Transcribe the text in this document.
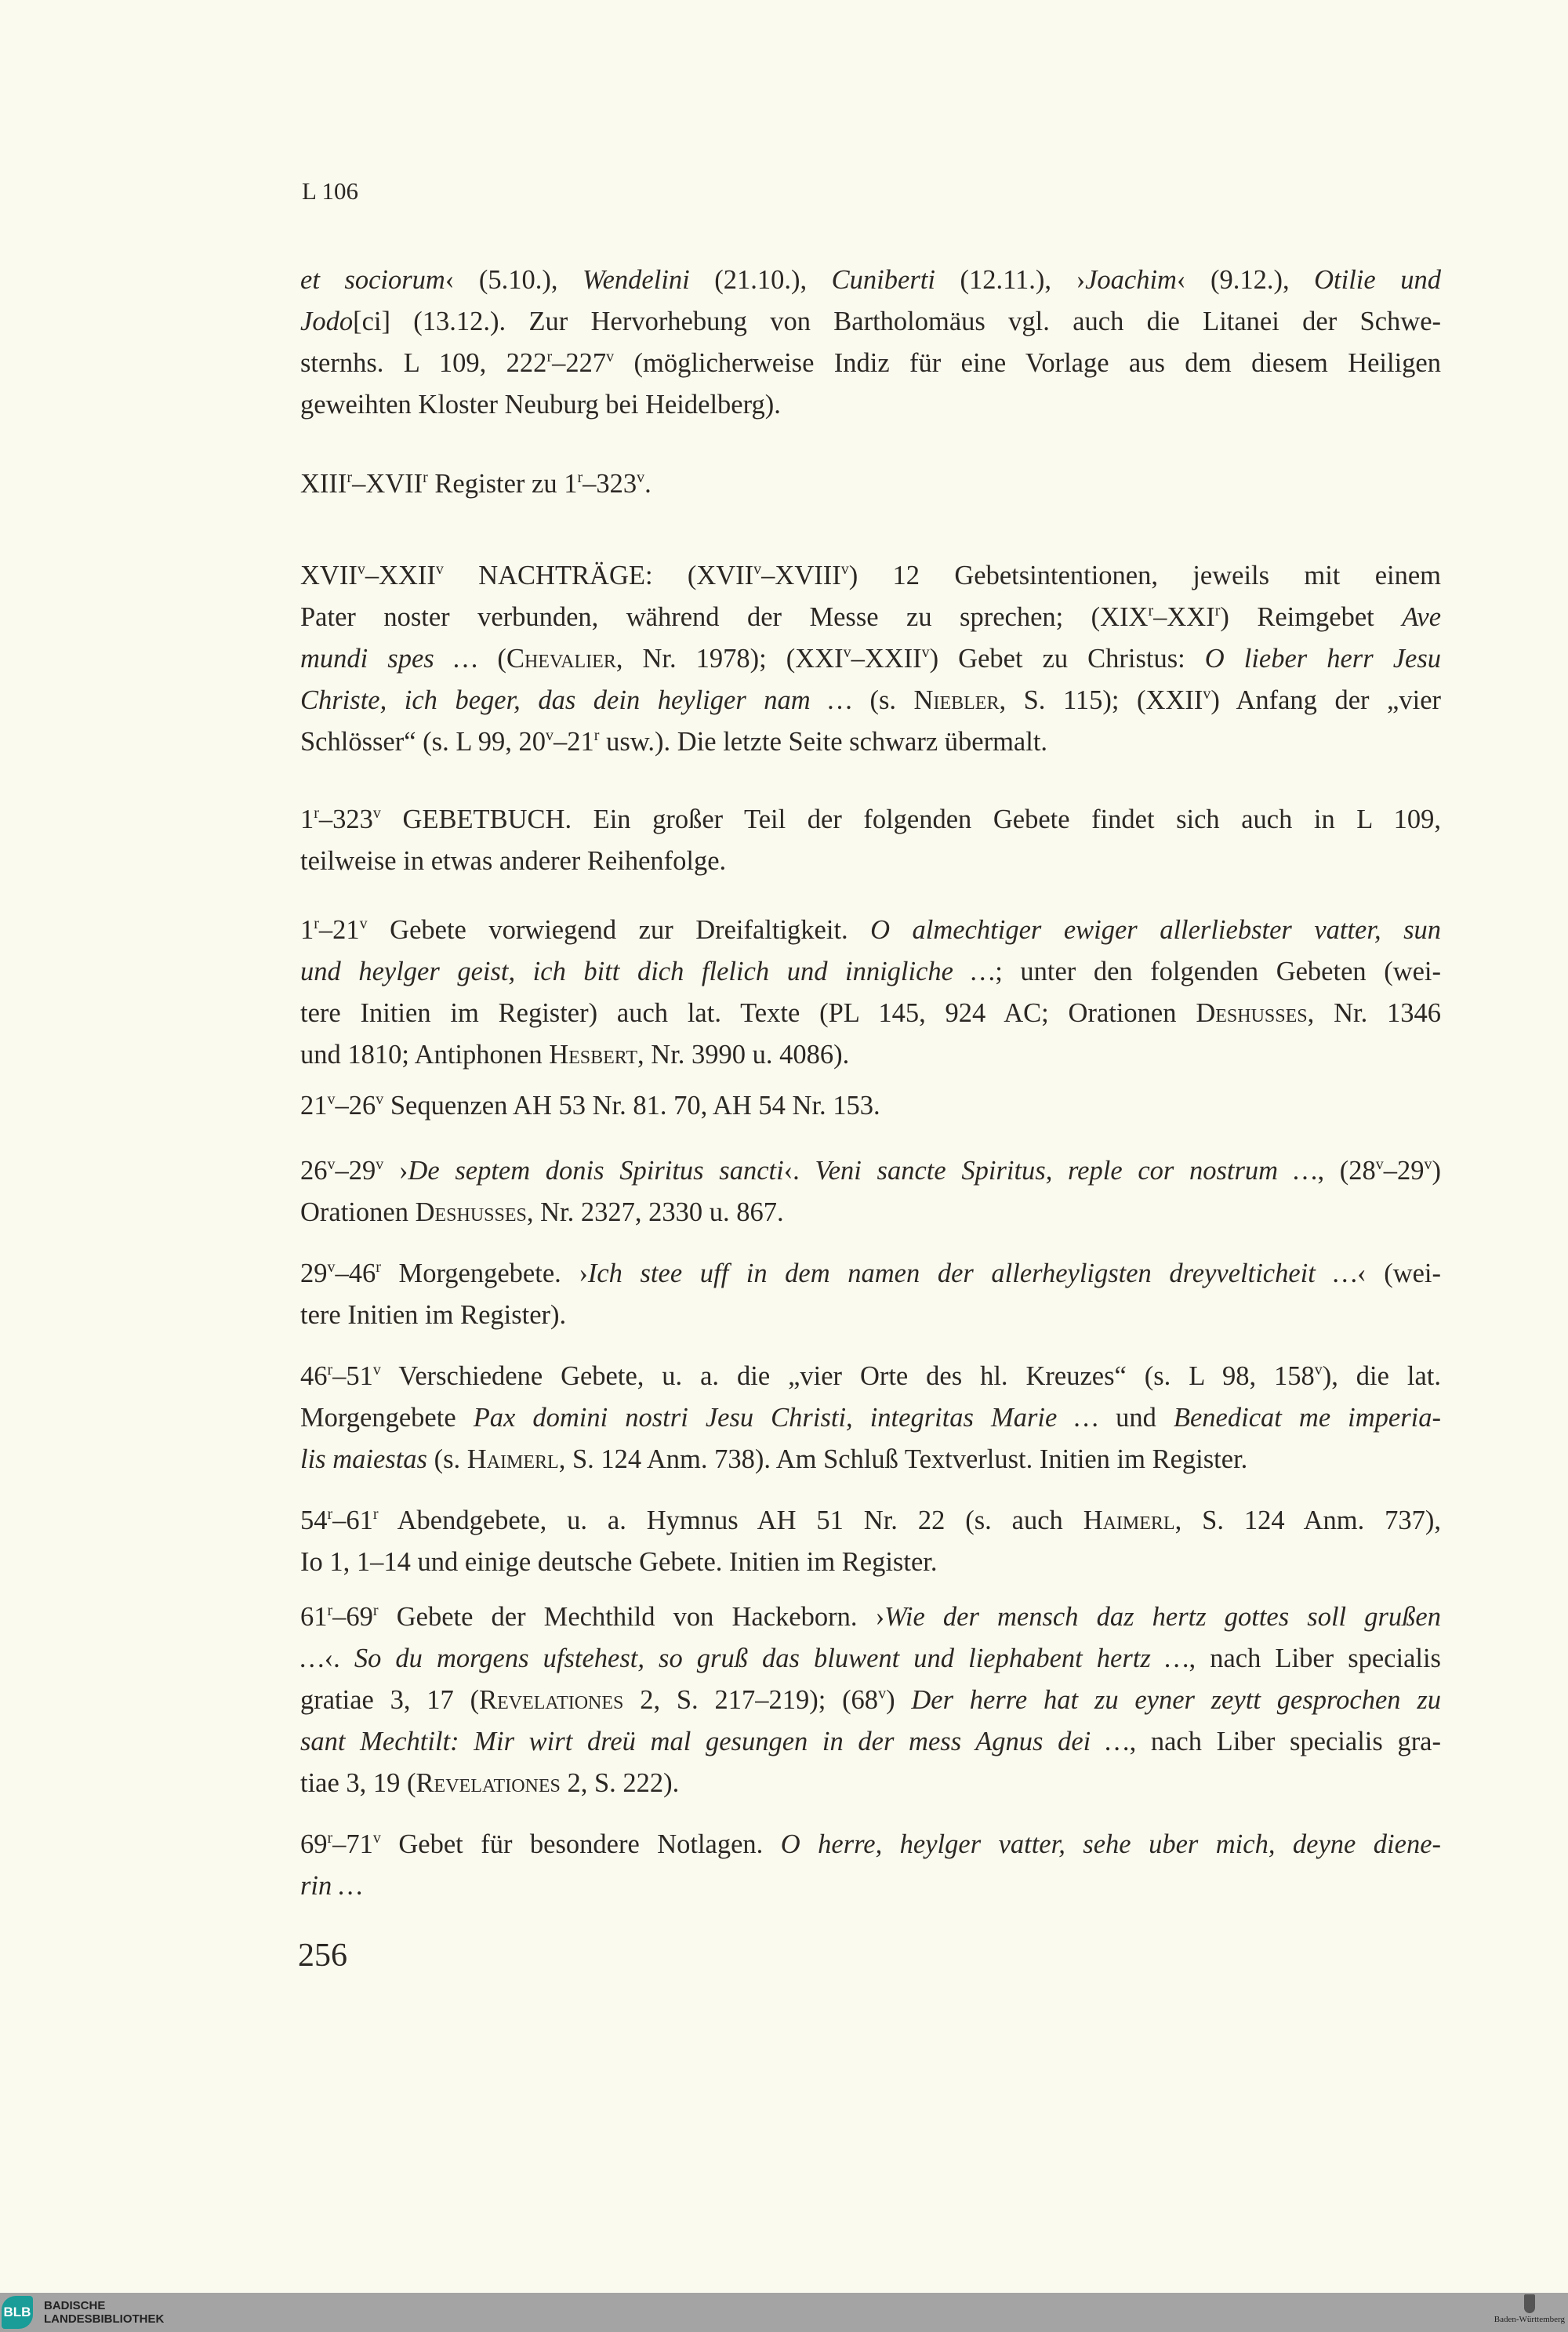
L 106
et sociorum‹ (5.10.), Wendelini (21.10.), Cuniberti (12.11.), ›Joachim‹ (9.12.), Otilie und
Jodo[ci] (13.12.). Zur Hervorhebung von Bartholomäus vgl. auch die Litanei der Schwe-
sternhs. L 109, 222$^r$–227$^v$ (möglicherweise Indiz für eine Vorlage aus dem diesem Heiligen
geweihten Kloster Neuburg bei Heidelberg).
XIII$^r$–XVII$^r$ Register zu 1$^r$–323$^v$.
XVII$^v$–XXII$^v$ NACHTRÄGE: (XVII$^v$–XVIII$^v$) 12 Gebetsintentionen, jeweils mit einem
Pater noster verbunden, während der Messe zu sprechen; (XIX$^r$–XXI$^r$) Reimgebet Ave
mundi spes … (Chevalier, Nr. 1978); (XXI$^v$–XXII$^v$) Gebet zu Christus: O lieber herr Jesu
Christe, ich beger, das dein heyliger nam … (s. Niebler, S. 115); (XXII$^v$) Anfang der „vier
Schlösser“ (s. L 99, 20$^v$–21$^r$ usw.). Die letzte Seite schwarz übermalt.
1$^r$–323$^v$ GEBETBUCH. Ein großer Teil der folgenden Gebete findet sich auch in L 109,
teilweise in etwas anderer Reihenfolge.
1$^r$–21$^v$ Gebete vorwiegend zur Dreifaltigkeit. O almechtiger ewiger allerliebster vatter, sun
und heylger geist, ich bitt dich flelich und innigliche …; unter den folgenden Gebeten (wei-
tere Initien im Register) auch lat. Texte (PL 145, 924 AC; Orationen Deshusses, Nr. 1346
und 1810; Antiphonen Hesbert, Nr. 3990 u. 4086).
21$^v$–26$^v$ Sequenzen AH 53 Nr. 81. 70, AH 54 Nr. 153.
26$^v$–29$^v$ ›De septem donis Spiritus sancti‹. Veni sancte Spiritus, reple cor nostrum …, (28$^v$–29$^v$)
Orationen Deshusses, Nr. 2327, 2330 u. 867.
29$^v$–46$^r$ Morgengebete. ›Ich stee uff in dem namen der allerheyligsten dreyvelticheit …‹ (wei-
tere Initien im Register).
46$^r$–51$^v$ Verschiedene Gebete, u. a. die „vier Orte des hl. Kreuzes“ (s. L 98, 158$^v$), die lat.
Morgengebete Pax domini nostri Jesu Christi, integritas Marie … und Benedicat me imperia-
lis maiestas (s. Haimerl, S. 124 Anm. 738). Am Schluß Textverlust. Initien im Register.
54$^r$–61$^r$ Abendgebete, u. a. Hymnus AH 51 Nr. 22 (s. auch Haimerl, S. 124 Anm. 737),
Io 1, 1–14 und einige deutsche Gebete. Initien im Register.
61$^r$–69$^r$ Gebete der Mechthild von Hackeborn. ›Wie der mensch daz hertz gottes soll grußen
…‹. So du morgens ufstehest, so gruß das bluwent und liephabent hertz …, nach Liber specialis
gratiae 3, 17 (Revelationes 2, S. 217–219); (68$^v$) Der herre hat zu eyner zeytt gesprochen zu
sant Mechtilt: Mir wirt dreü mal gesungen in der mess Agnus dei …, nach Liber specialis gra-
tiae 3, 19 (Revelationes 2, S. 222).
69$^r$–71$^v$ Gebet für besondere Notlagen. O herre, heylger vatter, sehe uber mich, deyne diene-
rin …
256
BLB BADISCHE
LANDESBIBLIOTHEK	Baden-Württemberg
